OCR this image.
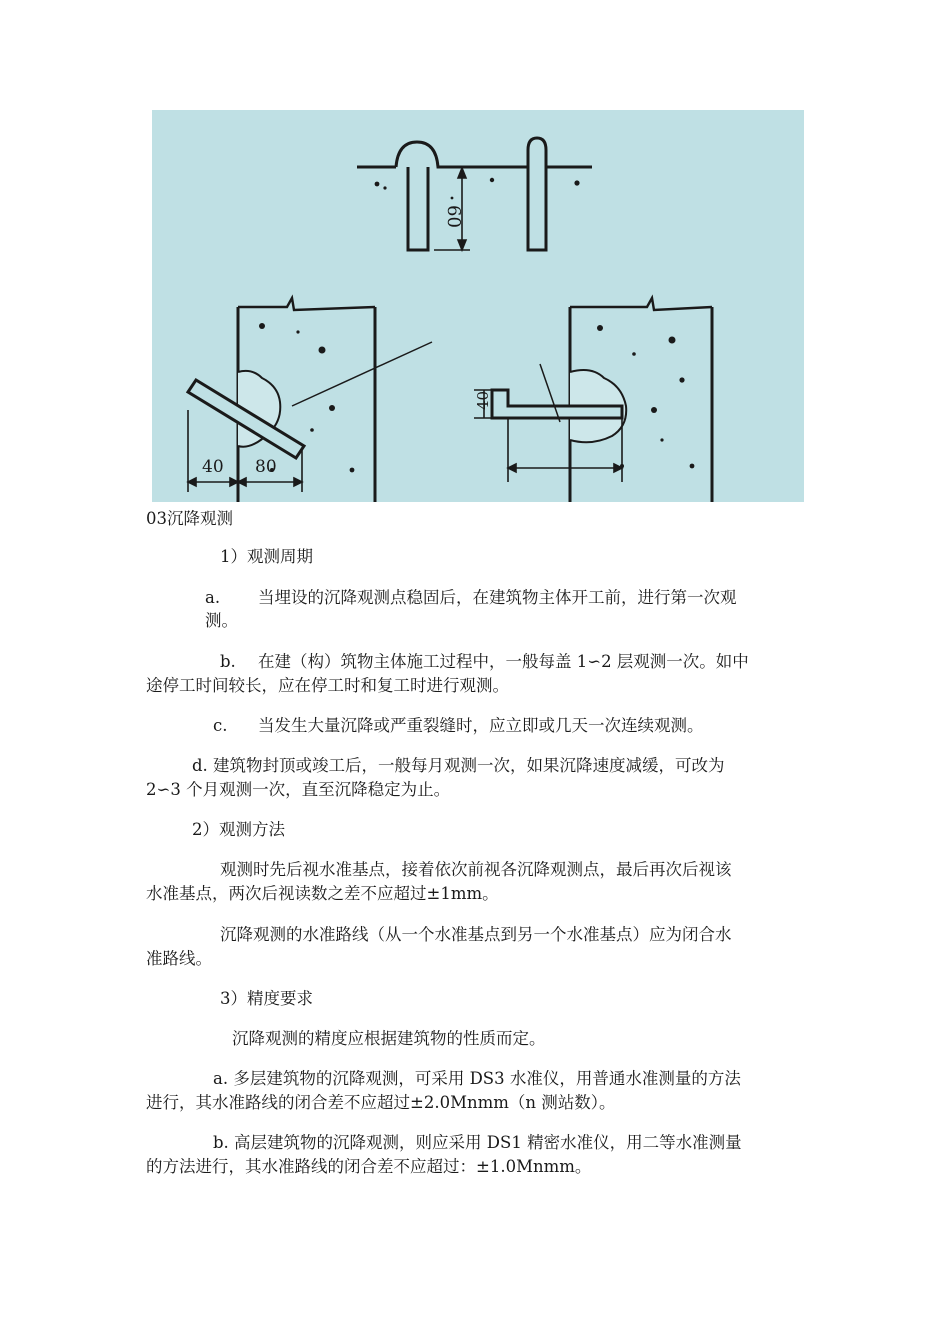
60
40 80
40

03沉降观测

1）观测周期

a. 当埋设的沉降观测点稳固后，在建筑物主体开工前，进行第一次观

测。

b. 在建（构）筑物主体施工过程中，一般每盖 1∽2 层观测一次。如中

途停工时间较长，应在停工时和复工时进行观测。

c. 当发生大量沉降或严重裂缝时，应立即或几天一次连续观测。

d. 建筑物封顶或竣工后，一般每月观测一次，如果沉降速度减缓，可改为

2∽3 个月观测一次，直至沉降稳定为止。

2）观测方法

观测时先后视水准基点，接着依次前视各沉降观测点，最后再次后视该

水准基点，两次后视读数之差不应超过±1mm。

沉降观测的水准路线（从一个水准基点到另一个水准基点）应为闭合水

准路线。

3）精度要求

沉降观测的精度应根据建筑物的性质而定。

a. 多层建筑物的沉降观测，可采用 DS3 水准仪，用普通水准测量的方法

进行，其水准路线的闭合差不应超过±2.0Mnmm（n 测站数）。

b. 高层建筑物的沉降观测，则应采用 DS1 精密水准仪，用二等水准测量

的方法进行，其水准路线的闭合差不应超过：±1.0Mnmm。
